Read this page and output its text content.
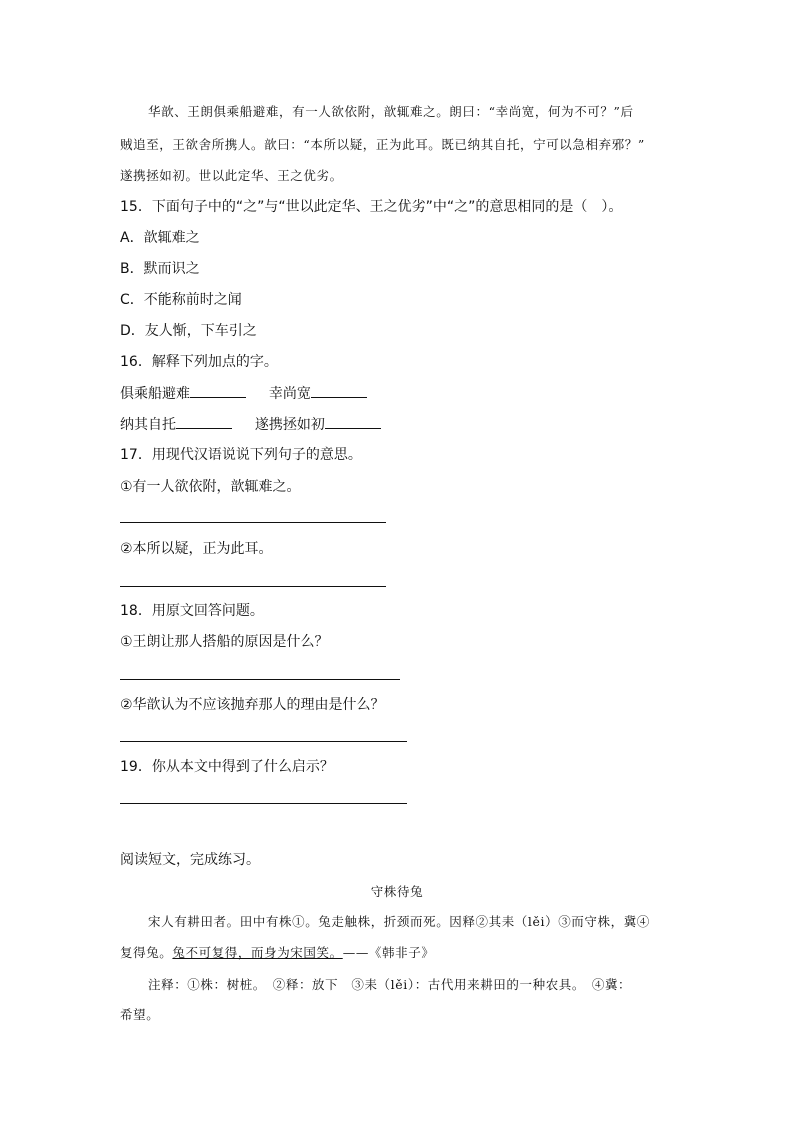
华歆、王朗俱乘船避难，有一人欲依附，歆辄难之。朗曰：“幸尚宽，何为不可？”后
贼追至，王欲舍所携人。歆曰：“本所以疑，正为此耳。既已纳其自托，宁可以急相弃邪？”
遂携拯如初。世以此定华、王之优劣。
15．下面句子中的“之”与“世以此定华、王之优劣”中“之”的意思相同的是（　）。
A．歆辄难之
B．默而识之
C．不能称前时之闻
D．友人惭，下车引之
16．解释下列加点的字。
俱乘船避难	幸尚宽
纳其自托	遂携拯如初
17．用现代汉语说说下列句子的意思。
①有一人欲依附，歆辄难之。
②本所以疑，正为此耳。
18．用原文回答问题。
①王朗让那人搭船的原因是什么？
②华歆认为不应该抛弃那人的理由是什么？
19．你从本文中得到了什么启示？
阅读短文，完成练习。
守株待兔
宋人有耕田者。田中有株①。兔走触株，折颈而死。因释②其耒（lěi）③而守株，冀④
复得兔。兔不可复得，而身为宋国笑。——《韩非子》
注释：①株：树桩。　②释：放下　③耒（lěi）：古代用来耕田的一种农具。　④冀：
希望。
